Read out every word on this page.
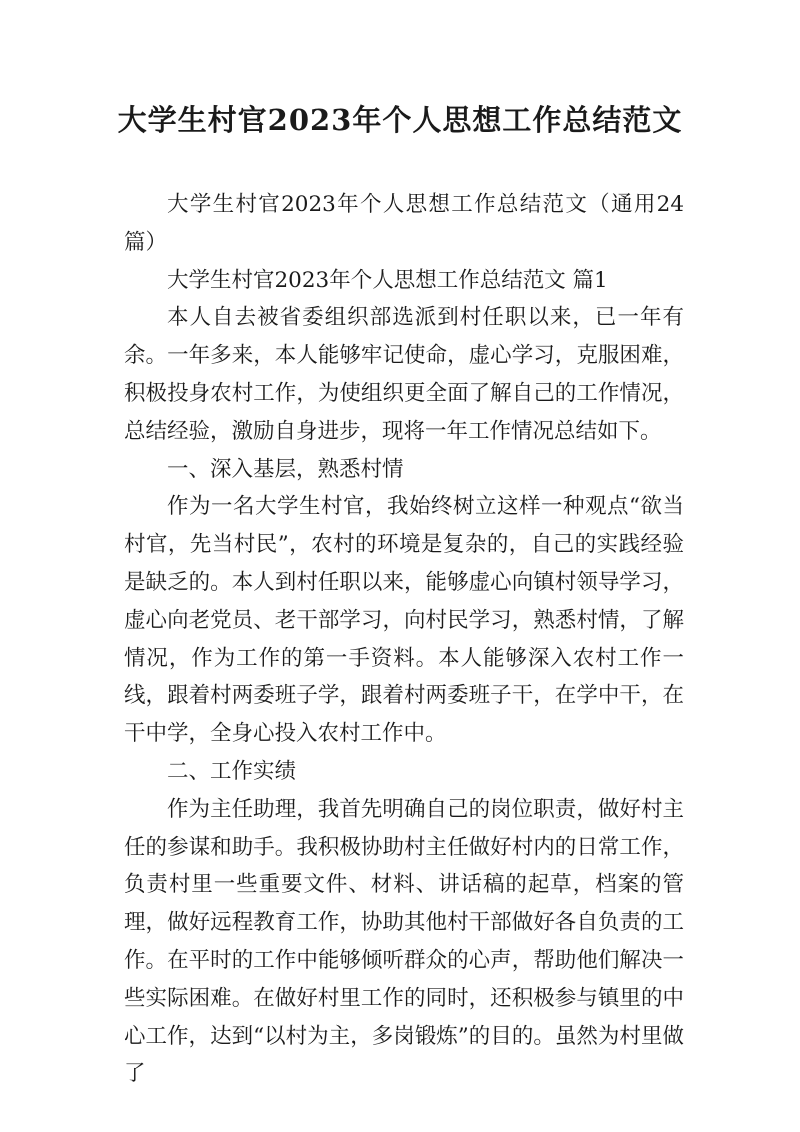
大学生村官2023年个人思想工作总结范文

大学生村官2023年个人思想工作总结范文（通用24篇）

大学生村官2023年个人思想工作总结范文 篇1

本人自去被省委组织部选派到村任职以来，已一年有余。一年多来，本人能够牢记使命，虚心学习，克服困难，积极投身农村工作，为使组织更全面了解自己的工作情况，总结经验，激励自身进步，现将一年工作情况总结如下。

一、深入基层，熟悉村情

作为一名大学生村官，我始终树立这样一种观点“欲当村官，先当村民”，农村的环境是复杂的，自己的实践经验是缺乏的。本人到村任职以来，能够虚心向镇村领导学习，虚心向老党员、老干部学习，向村民学习，熟悉村情，了解情况，作为工作的第一手资料。本人能够深入农村工作一线，跟着村两委班子学，跟着村两委班子干，在学中干，在干中学，全身心投入农村工作中。

二、工作实绩

作为主任助理，我首先明确自己的岗位职责，做好村主任的参谋和助手。我积极协助村主任做好村内的日常工作，负责村里一些重要文件、材料、讲话稿的起草，档案的管理，做好远程教育工作，协助其他村干部做好各自负责的工作。在平时的工作中能够倾听群众的心声，帮助他们解决一些实际困难。在做好村里工作的同时，还积极参与镇里的中心工作，达到“以村为主，多岗锻炼”的目的。虽然为村里做了
